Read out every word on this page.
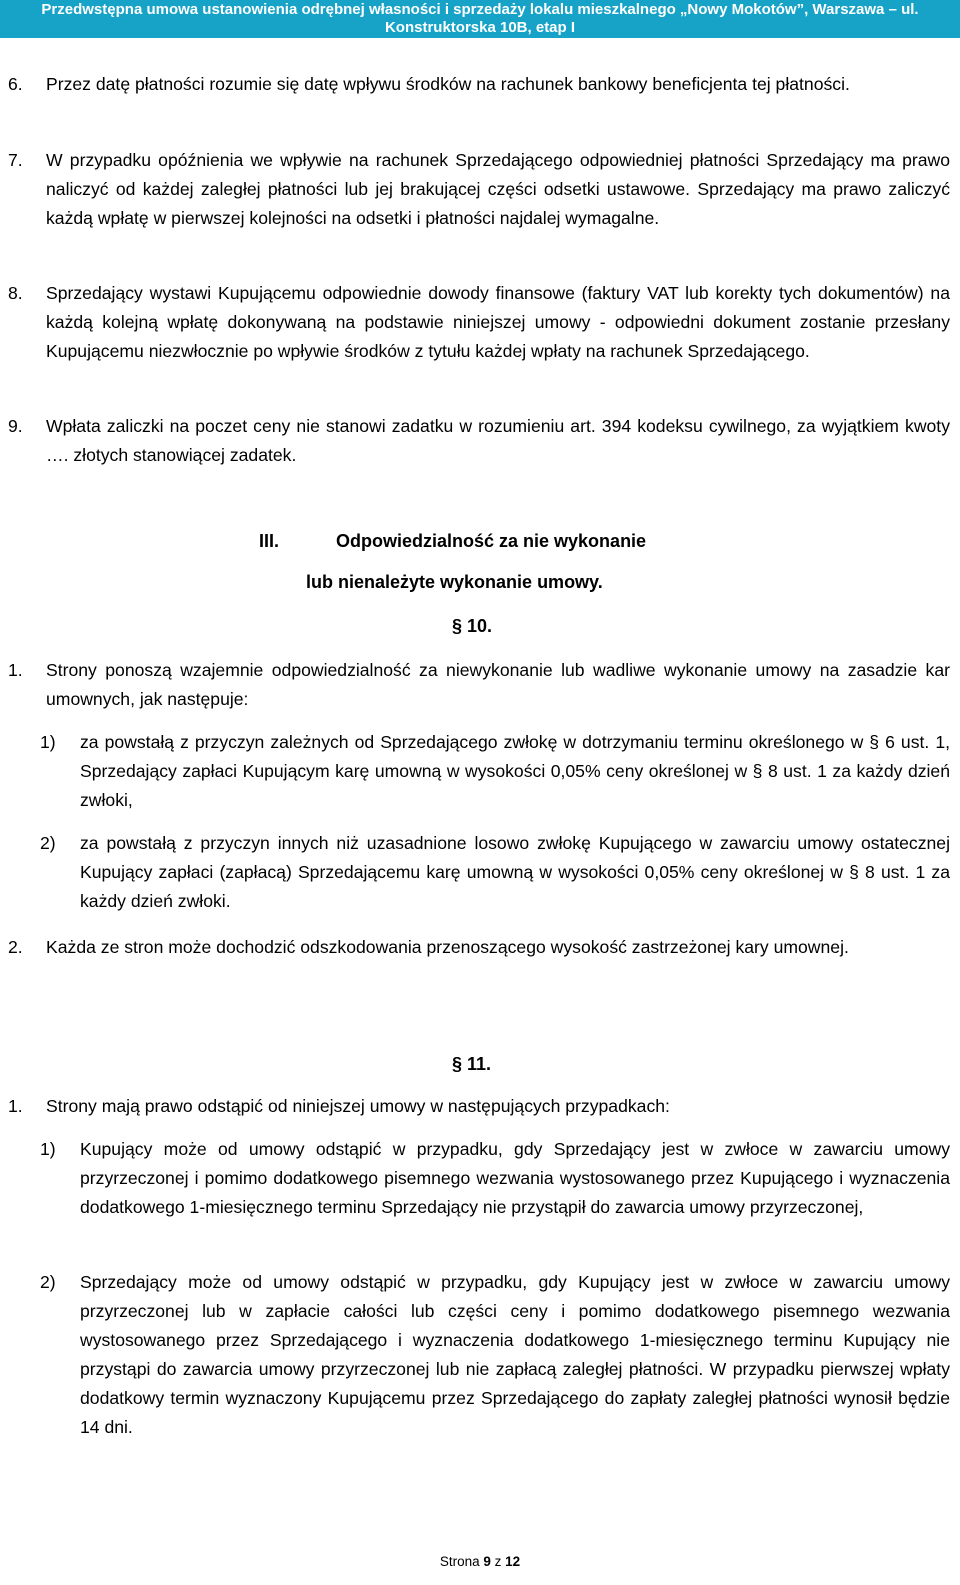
Przedwstępna umowa ustanowienia odrębnej własności i sprzedaży lokalu mieszkalnego „Nowy Mokotów”, Warszawa – ul.
Konstruktorska 10B, etap I
6. Przez datę płatności rozumie się datę wpływu środków na rachunek bankowy beneficjenta tej płatności.
7. W przypadku opóźnienia we wpływie na rachunek Sprzedającego odpowiedniej płatności Sprzedający ma prawo naliczyć od każdej zaległej płatności lub jej brakującej części odsetki ustawowe. Sprzedający ma prawo zaliczyć każdą wpłatę w pierwszej kolejności na odsetki i płatności najdalej wymagalne.
8. Sprzedający wystawi Kupującemu odpowiednie dowody finansowe (faktury VAT lub korekty tych dokumentów) na każdą kolejną wpłatę dokonywaną na podstawie niniejszej umowy - odpowiedni dokument zostanie przesłany Kupującemu niezwłocznie po wpływie środków z tytułu każdej wpłaty na rachunek Sprzedającego.
9. Wpłata zaliczki na poczet ceny nie stanowi zadatku w rozumieniu art. 394 kodeksu cywilnego, za wyjątkiem kwoty …. złotych stanowiącej zadatek.
III.	Odpowiedzialność za nie wykonanie
lub nienależyte wykonanie umowy.
§ 10.
1. Strony ponoszą wzajemnie odpowiedzialność za niewykonanie lub wadliwe wykonanie umowy na zasadzie kar umownych, jak następuje:
1) za powstałą z przyczyn zależnych od Sprzedającego zwłokę w dotrzymaniu terminu określonego w § 6 ust. 1, Sprzedający zapłaci Kupującym karę umowną w wysokości 0,05% ceny określonej w § 8 ust. 1 za każdy dzień zwłoki,
2) za powstałą z przyczyn innych niż uzasadnione losowo zwłokę Kupującego w zawarciu umowy ostatecznej Kupujący zapłaci (zapłacą) Sprzedającemu karę umowną w wysokości 0,05% ceny określonej w § 8 ust. 1 za każdy dzień zwłoki.
2. Każda ze stron może dochodzić odszkodowania przenoszącego wysokość zastrzeżonej kary umownej.
§ 11.
1. Strony mają prawo odstąpić od niniejszej umowy w następujących przypadkach:
1) Kupujący może od umowy odstąpić w przypadku, gdy Sprzedający jest w zwłoce w zawarciu umowy przyrzeczonej i pomimo dodatkowego pisemnego wezwania wystosowanego przez Kupującego i wyznaczenia dodatkowego 1-miesięcznego terminu Sprzedający nie przystąpił do zawarcia umowy przyrzeczonej,
2) Sprzedający może od umowy odstąpić w przypadku, gdy Kupujący jest w zwłoce w zawarciu umowy przyrzeczonej lub w zapłacie całości lub części ceny i pomimo dodatkowego pisemnego wezwania wystosowanego przez Sprzedającego i wyznaczenia dodatkowego 1-miesięcznego terminu Kupujący nie przystąpi do zawarcia umowy przyrzeczonej lub nie zapłacą zaległej płatności. W przypadku pierwszej wpłaty dodatkowy termin wyznaczony Kupującemu przez Sprzedającego do zapłaty zaległej płatności wynosił będzie 14 dni.
Strona 9 z 12
